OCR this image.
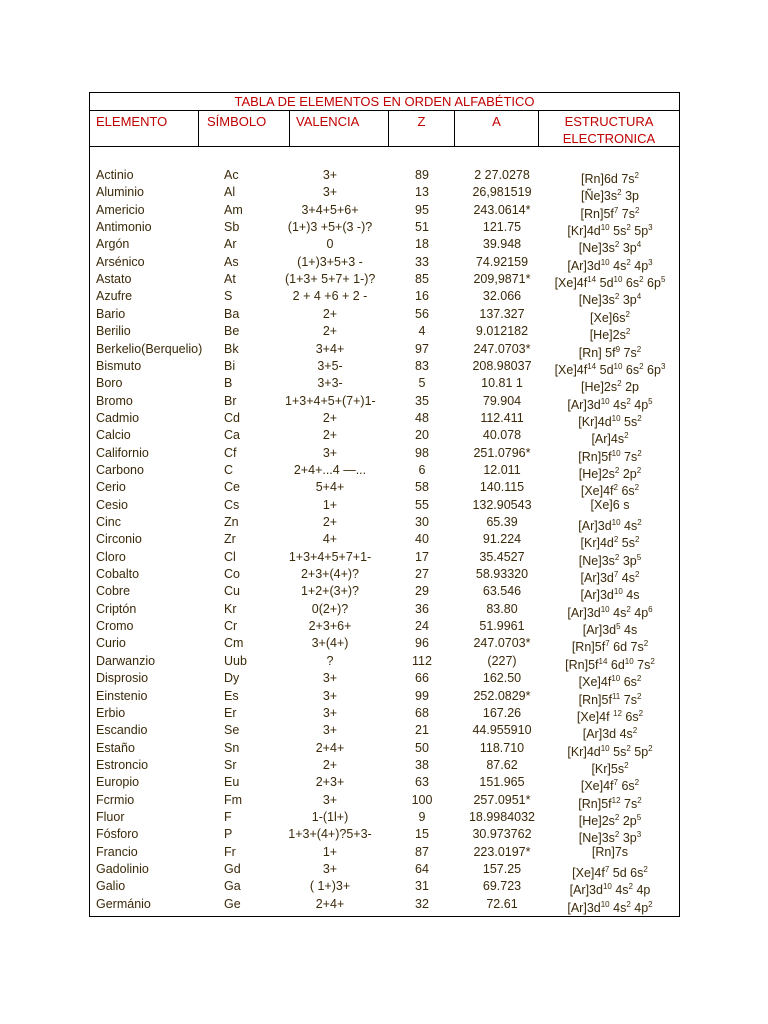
TABLA DE ELEMENTOS EN ORDEN ALFABÉTICO
ELEMENTO	SÍMBOLO	VALENCIA	Z	A	ESTRUCTURA
ELECTRONICA
Actinio	Ac	3+	89	2 27.0278	[Rn]6d $7s^2$
Aluminio	Al	3+	13	26,981519	$[Ñe]3s^2$ 3p
Americio	Am	3+4+5+6+	95	243.0614*	$[Rn]5f^7$ $7s^2$
Antimonio	Sb	(1+)3 +5+(3 -)?	51	121.75	$[Kr]4d^{10}$ $5s^2$ $5p^3$
Argón	Ar	0	18	39.948	$[Ne]3s^2$ $3p^4$
Arsénico	As	(1+)3+5+3 -	33	74.92159	$[Ar]3d^{10}$ $4s^2$ $4p^3$
Astato	At	(1+3+ 5+7+ 1-)?	85	209,9871*	$[Xe]4f^{14}$ $5d^{10}$ $6s^2$ $6p^5$
Azufre	S	2 + 4 +6 + 2 -	16	32.066	$[Ne]3s^2$ $3p^4$
Bario	Ba	2+	56	137.327	$[Xe]6s^2$
Berilio	Be	2+	4	9.012182	$[He]2s^2$
Berkelio(Berquelio) Bk	3+4+	97	247.0703*	[Rn] $5f^9$ $7s^2$
Bismuto	Bi	3+5-	83	208.98037	$[Xe]4f^{14}$ $5d^{10}$ $6s^2$ $6p^3$
Boro	B	3+3-	5	10.81 1	$[He]2s^2$ 2p
Bromo	Br	1+3+4+5+(7+)1-	35	79.904	$[Ar]3d^{10}$ $4s^2$ $4p^5$
Cadmio	Cd	2+	48	112.411	$[Kr]4d^{10}$ $5s^2$
Calcio	Ca	2+	20	40.078	$[Ar]4s^2$
Californio	Cf	3+	98	251.0796*	$[Rn]5f^{10}$ $7s^2$
Carbono	C	2+4+...4 —...	6	12.011	$[He]2s^2$ $2p^2$
Cerio	Ce	5+4+	58	140.115	$[Xe]4f^2$ $6s^2$
Cesio	Cs	1+	55	132.90543	[Xe]6 s
Cinc	Zn	2+	30	65.39	$[Ar]3d^{10}$ $4s^2$
Circonio	Zr	4+	40	91.224	$[Kr]4d^2$ $5s^2$
Cloro	Cl	1+3+4+5+7+1-	17	35.4527	$[Ne]3s^2$ $3p^5$
Cobalto	Co	2+3+(4+)?	27	58.93320	$[Ar]3d^7$ $4s^2$
Cobre	Cu	1+2+(3+)?	29	63.546	$[Ar]3d^{10}$ 4s
Criptón	Kr	0(2+)?	36	83.80	$[Ar]3d^{10}$ $4s^2$ $4p^6$
Cromo	Cr	2+3+6+	24	51.9961	$[Ar]3d^5$ 4s
Curio	Cm	3+(4+)	96	247.0703*	$[Rn]5f^7$ 6d $7s^2$
Darwanzio	Uub	?	112	(227)	$[Rn]5f^{14}$ $6d^{10}$ $7s^2$
Disprosio	Dy	3+	66	162.50	$[Xe]4f^{10}$ $6s^2$
Einstenio	Es	3+	99	252.0829*	$[Rn]5f^{11}$ $7s^2$
Erbio	Er	3+	68	167.26	[Xe]4f $^{12}$ $6s^2$
Escandio	Se	3+	21	44.955910	[Ar]3d $4s^2$
Estaño	Sn	2+4+	50	118.710	$[Kr]4d^{10}$ $5s^2$ $5p^2$
Estroncio	Sr	2+	38	87.62	$[Kr]5s^2$
Europio	Eu	2+3+	63	151.965	$[Xe]4f^7$ $6s^2$
Fcrmio	Fm	3+	100	257.0951*	$[Rn]5f^{12}$ $7s^2$
Fluor	F	1-(1l+)	9	18.9984032	$[He]2s^2$ $2p^5$
Fósforo	P	1+3+(4+)?5+3-	15	30.973762	$[Ne]3s^2$ $3p^3$
Francio	Fr	1+	87	223.0197*	[Rn]7s
Gadolinio	Gd	3+	64	157.25	$[Xe]4f^7$ 5d $6s^2$
Galio	Ga	( 1+)3+	31	69.723	$[Ar]3d^{10}$ $4s^2$ 4p
Germánio	Ge	2+4+	32	72.61	$[Ar]3d^{10}$ $4s^2$ $4p^2$
